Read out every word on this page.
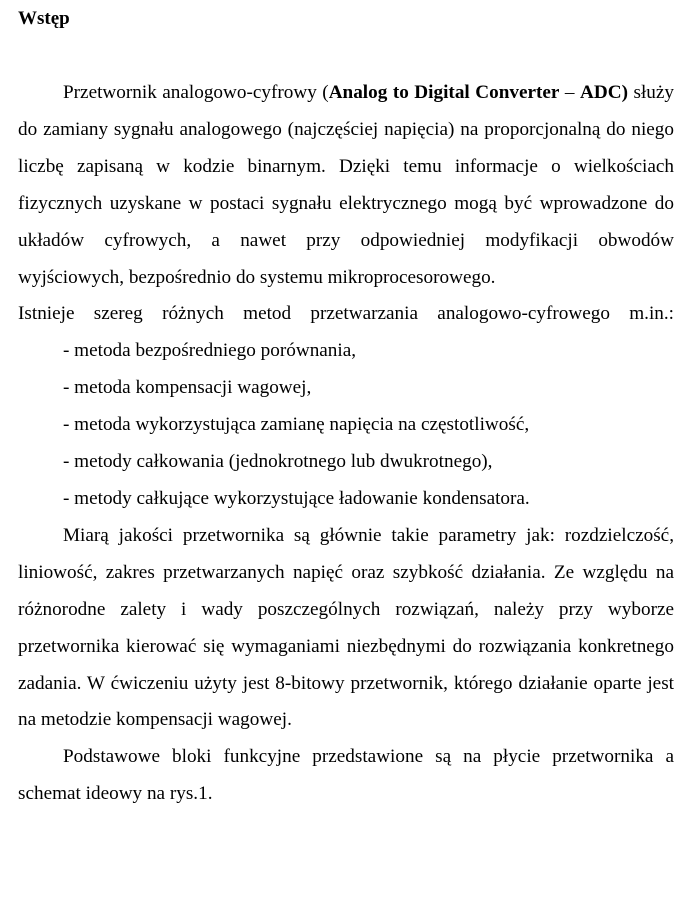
Wstęp

Przetwornik analogowo-cyfrowy (Analog to Digital Converter – ADC) służy do zamiany sygnału analogowego (najczęściej napięcia) na proporcjonalną do niego liczbę zapisaną w kodzie binarnym. Dzięki temu informacje o wielkościach fizycznych uzyskane w postaci sygnału elektrycznego mogą być wprowadzone do układów cyfrowych, a nawet przy odpowiedniej modyfikacji obwodów wyjściowych, bezpośrednio do systemu mikroprocesorowego.

Istnieje szereg różnych metod przetwarzania analogowo-cyfrowego m.in.:

- metoda bezpośredniego porównania,

- metoda kompensacji wagowej,

- metoda wykorzystująca zamianę napięcia na częstotliwość,

- metody całkowania (jednokrotnego lub dwukrotnego),

- metody całkujące wykorzystujące ładowanie kondensatora.

Miarą jakości przetwornika są głównie takie parametry jak: rozdzielczość, liniowość, zakres przetwarzanych napięć oraz szybkość działania. Ze względu na różnorodne zalety i wady poszczególnych rozwiązań, należy przy wyborze przetwornika kierować się wymaganiami niezbędnymi do rozwiązania konkretnego zadania. W ćwiczeniu użyty jest 8-bitowy przetwornik, którego działanie oparte jest na metodzie kompensacji wagowej.

Podstawowe bloki funkcyjne przedstawione są na płycie przetwornika a schemat ideowy na rys.1.
